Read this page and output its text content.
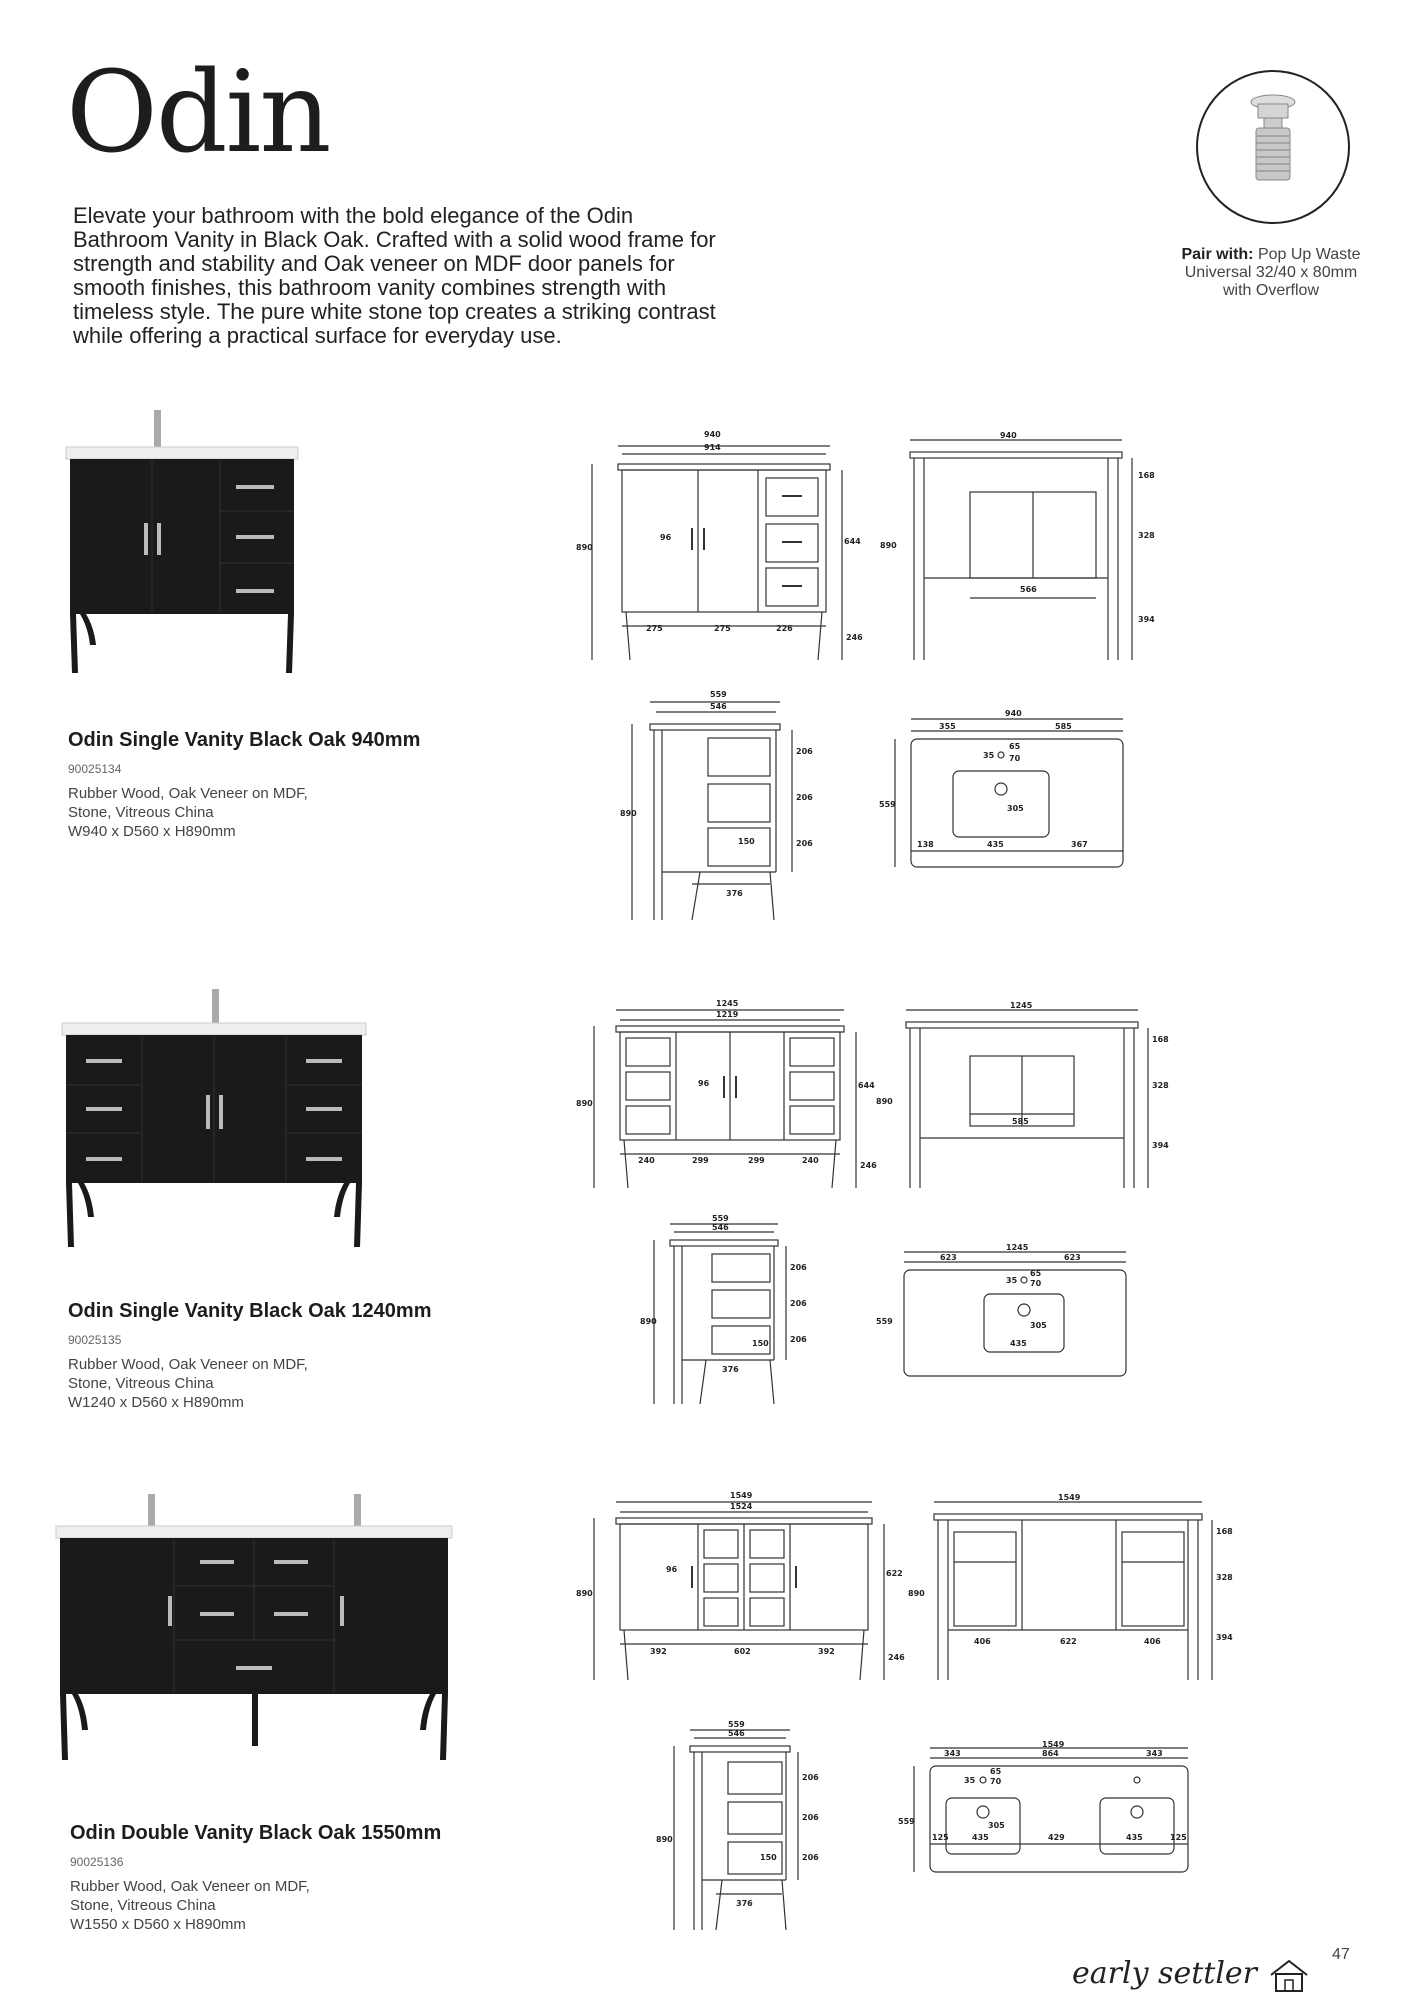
Odin

Elevate your bathroom with the bold elegance of the Odin Bathroom Vanity in Black Oak. Crafted with a solid wood frame for strength and stability and Oak veneer on MDF door panels for smooth finishes, this bathroom vanity combines strength with timeless style. The pure white stone top creates a striking contrast while offering a practical surface for everyday use.

Pair with: Pop Up Waste
Universal 32/40 x 80mm
with Overflow
Odin Single Vanity Black Oak 940mm
90025134
Rubber Wood, Oak Veneer on MDF,
Stone, Vitreous China
W940 x D560 x H890mm
940
914
890
96	644
246
275	275	226
940
890
168
328
394
566
559
546
890
206
206
206
150
376
940
355	585
35
65
70
559	305
138	435	367
Odin Single Vanity Black Oak 1240mm
90025135
Rubber Wood, Oak Veneer on MDF,
Stone, Vitreous China
W1240 x D560 x H890mm
1245
1219
890
96	644
246
240	299	299	240
1245
890
168
328
394
585
559
546
890
206
206
206
150
376
1245
623	623
35
65
70
559	305
435
Odin Double Vanity Black Oak 1550mm
90025136
Rubber Wood, Oak Veneer on MDF,
Stone, Vitreous China
W1550 x D560 x H890mm
1549
1524
890
96	622
246
392	602	392
1549
890
168
328
394
406	622	406
559
546
890
206
206
206
150
376
1549
864
343	343
35
65
70
559	305
125	435	429	435	125
early settler
47
